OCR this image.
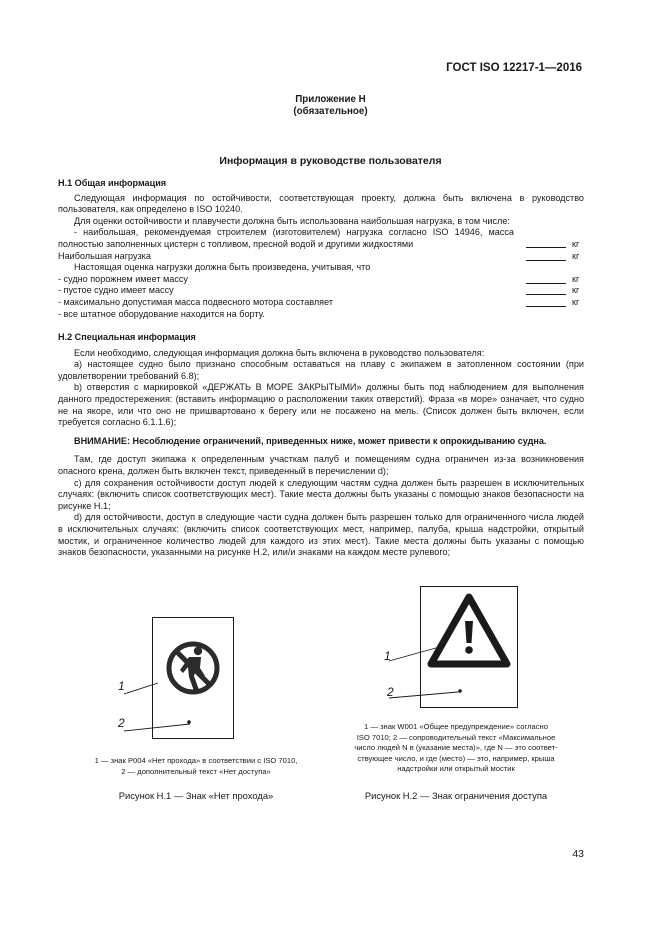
ГОСТ ISO 12217-1—2016
Приложение Н
(обязательное)
Информация в руководстве пользователя

Н.1 Общая информация

Следующая информация по остойчивости, соответствующая проекту, должна быть включена в руководство пользователя, как определено в ISO 10240.

Для оценки остойчивости и плавучести должна быть использована наибольшая нагрузка, в том числе:

- наибольшая, рекомендуемая строителем (изготовителем) нагрузка согласно ISO 14946, масса полностью заполненных цистерн с топливом, пресной водой и другими жидкостями	кг
Наибольшая нагрузка	кг

Настоящая оценка нагрузки должна быть произведена, учитывая, что

- судно порожнем имеет массу	кг
- пустое судно имеет массу	кг
- максимально допустимая масса подвесного мотора составляет	кг

- все штатное оборудование находится на борту.

Н.2 Специальная информация

Если необходимо, следующая информация должна быть включена в руководство пользователя:

а) настоящее судно было признано способным оставаться на плаву с экипажем в затопленном состоянии (при удовлетворении требований 6.8);

b) отверстия с маркировкой «ДЕРЖАТЬ В МОРЕ ЗАКРЫТЫМИ» должны быть под наблюдением для выполнения данного предостережения: (вставить информацию о расположении таких отверстий). Фраза «в море» означает, что судно не на якоре, или что оно не пришвартовано к берегу или не посажено на мель. (Список должен быть включен, если требуется согласно 6.1.1.6);

ВНИМАНИЕ: Несоблюдение ограничений, приведенных ниже, может привести к опрокидыванию судна.

Там, где доступ экипажа к определенным участкам палуб и помещениям судна ограничен из-за возникновения опасного крена, должен быть включен текст, приведенный в перечислении d);

с) для сохранения остойчивости доступ людей к следующим частям судна должен быть разрешен в исключительных случаях: (включить список соответствующих мест). Такие места должны быть указаны с помощью знаков безопасности на рисунке Н.1;

d) для остойчивости, доступ в следующие части судна должен быть разрешен только для ограниченного числа людей в исключительных случаях: (включить список соответствующих мест, например, палуба, крыша надстройки, открытый мостик, и ограниченное количество людей для каждого из этих мест). Такие места должны быть указаны с помощью знаков безопасности, указанными на рисунке Н.2, или/и знаками на каждом месте рулевого;

1
2
1 — знак Р004 «Нет прохода» в соответствии с ISO 7010,
2 — дополнительный текст «Нет доступа»
Рисунок Н.1 — Знак «Нет прохода»
1
2
1 — знак W001 «Общее предупреждение» согласно
ISO 7010; 2 — сопроводительный текст «Максимальное
число людей N в (указание места)», где N — это соответ-
ствующее число, и где (место) — это, например, крыша
надстройки или открытый мостик
Рисунок Н.2 — Знак ограничения доступа
43
